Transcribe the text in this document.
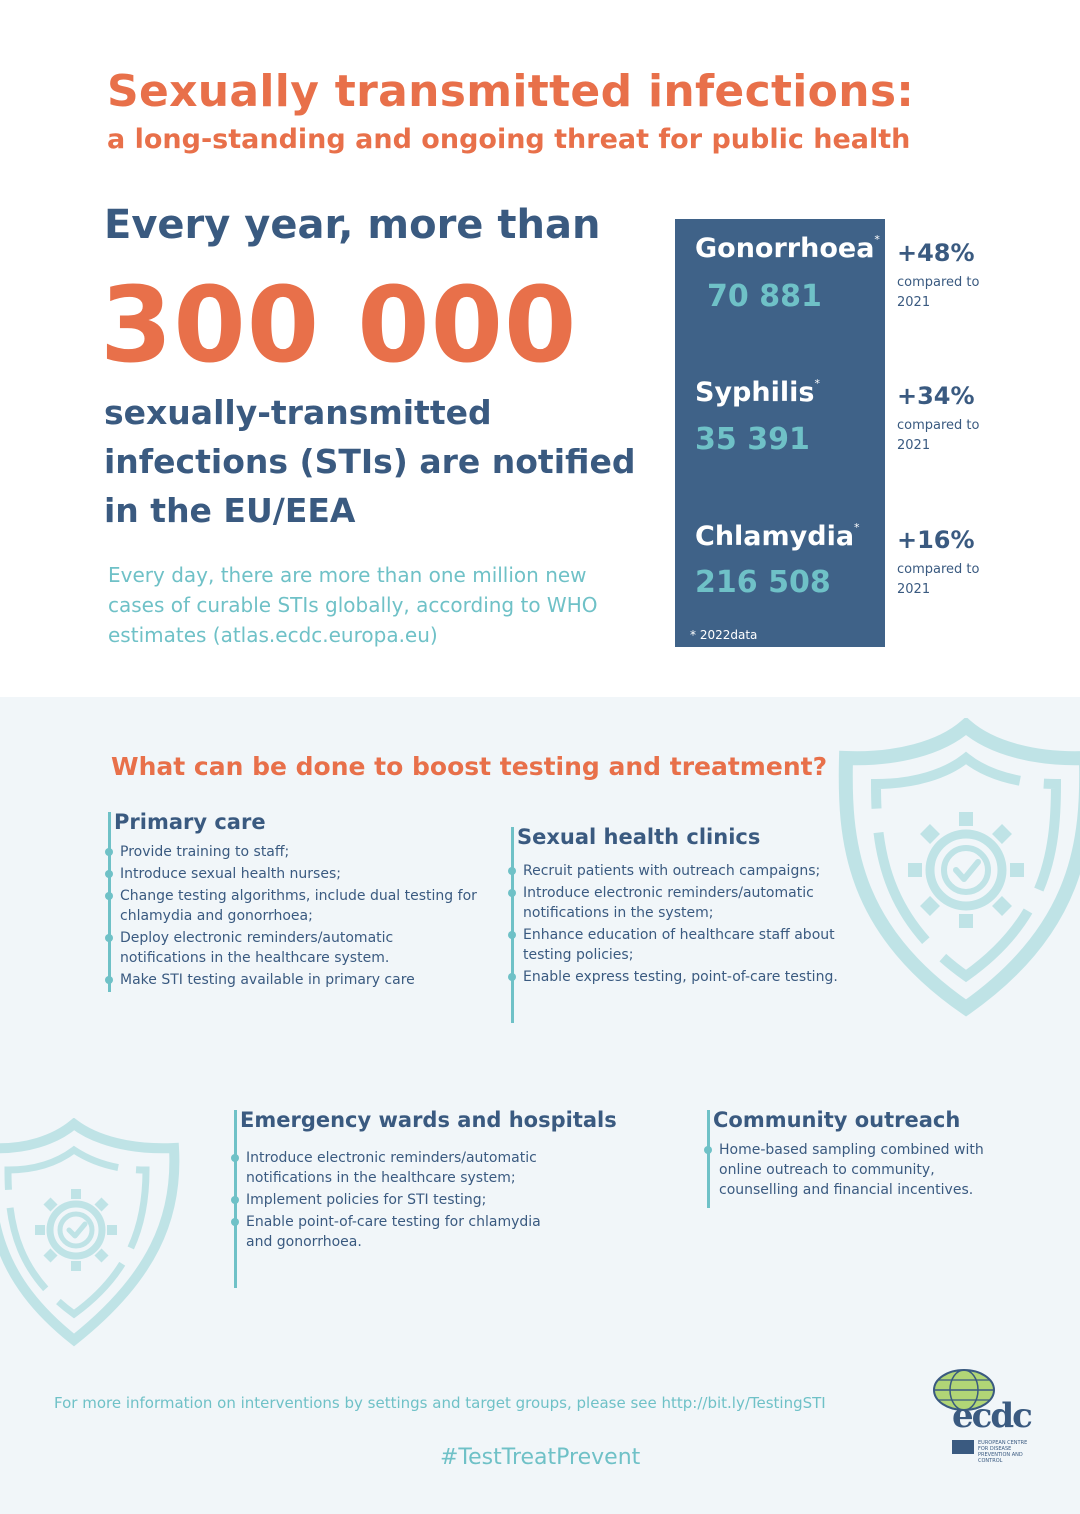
Sexually transmitted infections:
a long-standing and ongoing threat for public health
Every year, more than
300 000
sexually-transmitted infections (STIs) are notified in the EU/EEA
Every day, there are more than one million new cases of curable STIs globally, according to WHO estimates (atlas.ecdc.europa.eu)
Gonorrhoea*
70 881
Syphilis*
35 391
Chlamydia*
216 508
* 2022data
+48%
compared to 2021
+34%
compared to 2021
+16%
compared to 2021
What can be done to boost testing and treatment?
Primary care
Provide training to staff;
Introduce sexual health nurses;
Change testing algorithms, include dual testing for chlamydia and gonorrhoea;
Deploy electronic reminders/automatic notifications in the healthcare system.
Make STI testing available in primary care
Sexual health clinics
Recruit patients with outreach campaigns;
Introduce electronic reminders/automatic notifications in the system;
Enhance education of healthcare staff about testing policies;
Enable express testing, point-of-care testing.
Emergency wards and hospitals
Introduce electronic reminders/automatic notifications in the healthcare system;
Implement policies for STI testing;
Enable point-of-care testing for chlamydia and gonorrhoea.
Community outreach
Home-based sampling combined with online outreach to community, counselling and financial incentives.
For more information on interventions by settings and target groups, please see http://bit.ly/TestingSTI
#TestTreatPrevent
ecdc
EUROPEAN CENTRE FOR DISEASE PREVENTION AND CONTROL
